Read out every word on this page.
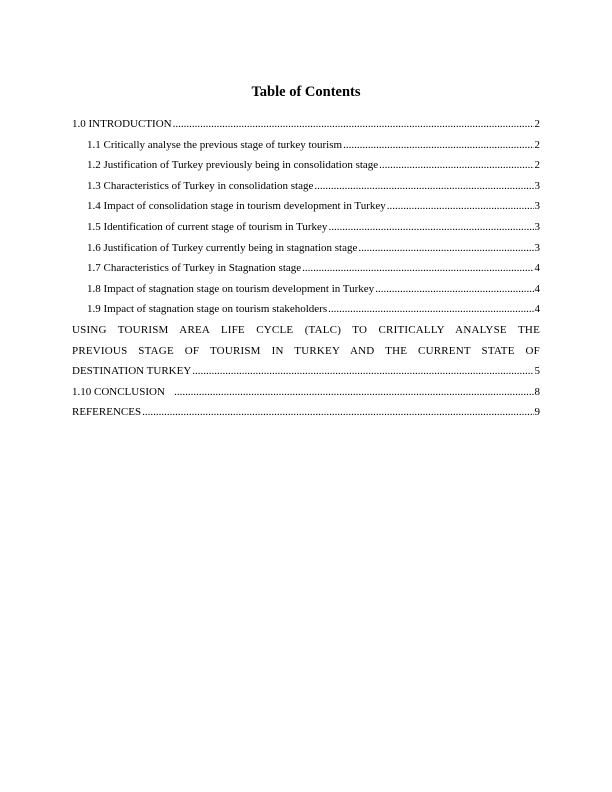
Table of Contents
1.0 INTRODUCTION .....	2
1.1 Critically analyse the previous stage of turkey tourism .....	2
1.2 Justification of Turkey previously being in consolidation stage .....	2
1.3 Characteristics of Turkey in consolidation stage .....	3
1.4 Impact of consolidation stage in tourism development in Turkey .....	3
1.5 Identification of current stage of tourism in Turkey .....	3
1.6 Justification of Turkey currently being in stagnation stage .....	3
1.7 Characteristics of Turkey in Stagnation stage .....	4
1.8 Impact of stagnation stage on tourism development in Turkey .....	4
1.9 Impact of stagnation stage on tourism stakeholders .....	4
USING TOURISM AREA LIFE CYCLE (TALC) TO CRITICALLY ANALYSE THE
PREVIOUS STAGE OF TOURISM IN TURKEY AND THE CURRENT STATE OF
DESTINATION TURKEY .....	5
1.10 CONCLUSION .....	8
REFERENCES .....	9
